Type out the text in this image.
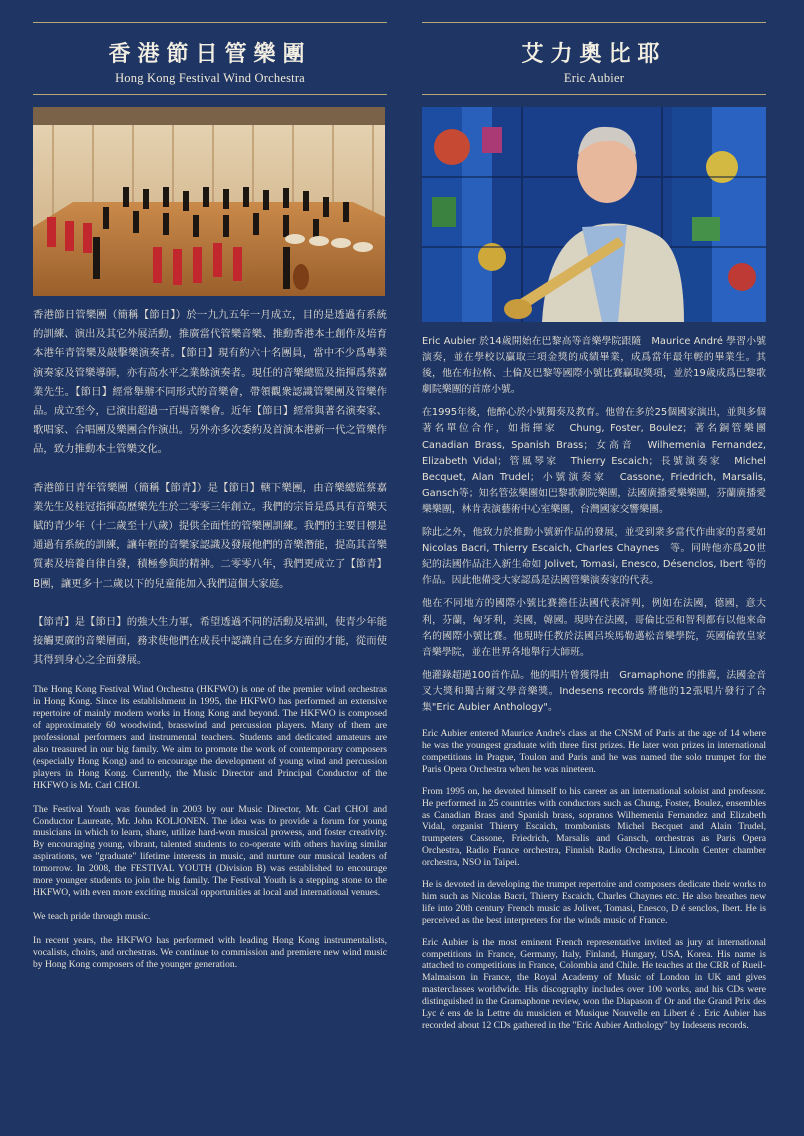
香港節日管樂團
Hong Kong Festival Wind Orchestra

香港節日管樂團（簡稱【節日】）於一九九五年一月成立，目的是透過有系統的訓練、演出及其它外展活動，推廣當代管樂音樂、推動香港本土創作及培育本港年青管樂及敲擊樂演奏者。【節日】現有約六十名團員，當中不少爲專業演奏家及管樂導師，亦有高水平之業餘演奏者。現任的音樂總監及指揮爲蔡嘉業先生。【節日】經常舉辦不同形式的音樂會，帶領觀衆認識管樂團及管樂作品。成立至今，已演出超過一百場音樂會。近年【節日】經常與著名演奏家、歌唱家、合唱團及樂團合作演出。另外亦多次委約及首演本港新一代之管樂作品，致力推動本土管樂文化。

香港節日青年管樂團（簡稱【節青】）是【節日】轄下樂團，由音樂總監蔡嘉業先生及桂冠指揮高歷樂先生於二零零三年創立。我們的宗旨是爲具有音樂天賦的青少年（十二歲至十八歲）提供全面性的管樂團訓練。我們的主要目標是通過有系統的訓練，讓年輕的音樂家認識及發展他們的音樂潛能，提高其音樂質素及培養自律自發，積極參與的精神。二零零八年，我們更成立了【節青】B團，讓更多十二歲以下的兒童能加入我們這個大家庭。

【節青】是【節日】的強大生力軍，希望透過不同的活動及培訓，使青少年能接觸更廣的音樂層面，務求使他們在成長中認識自己在多方面的才能，從而使其得到身心之全面發展。

The Hong Kong Festival Wind Orchestra (HKFWO) is one of the premier wind orchestras in Hong Kong. Since its establishment in 1995, the HKFWO has performed an extensive repertoire of mainly modern works in Hong Kong and beyond. The HKFWO is composed of approximately 60 woodwind, brasswind and percussion players. Many of them are professional performers and instrumental teachers. Students and dedicated amateurs are also treasured in our big family. We aim to promote the work of contemporary composers (especially Hong Kong) and to encourage the development of young wind and percussion players in Hong Kong. Currently, the Music Director and Principal Conductor of the HKFWO is Mr. Carl CHOI.

The Festival Youth was founded in 2003 by our Music Director, Mr. Carl CHOI and Conductor Laureate, Mr. John KOLJONEN. The idea was to provide a forum for young musicians in which to learn, share, utilize hard-won musical prowess, and foster creativity. By encouraging young, vibrant, talented students to co-operate with others having similar aspirations, we "graduate" lifetime interests in music, and nurture our musical leaders of tomorrow. In 2008, the FESTIVAL YOUTH (Division B) was established to encourage more younger students to join the big family. The Festival Youth is a stepping stone to the HKFWO, with even more exciting musical opportunities at local and international venues.

We teach pride through music.

In recent years, the HKFWO has performed with leading Hong Kong instrumentalists, vocalists, choirs, and orchestras. We continue to commission and premiere new wind music by Hong Kong composers of the younger generation.

艾力奧比耶
Eric Aubier

Eric Aubier 於14歲開始在巴黎高等音樂學院跟隨　Maurice André 學習小號演奏，並在學校以贏取三項金獎的成績畢業，成爲當年最年輕的畢業生。其後，他在布拉格、土倫及巴黎等國際小號比賽贏取獎項，並於19歲成爲巴黎歌劇院樂團的首席小號。

在1995年後，他醉心於小號獨奏及教育。他曾在多於25個國家演出，並與多個著名單位合作，如指揮家　Chung, Foster, Boulez；著名銅管樂團 Canadian Brass, Spanish Brass；女高音　Wilhemenia Fernandez, Elizabeth Vidal；管風琴家　Thierry Escaich；長號演奏家　Michel Becquet, Alan Trudel；小號演奏家　Cassone, Friedrich, Marsalis, Gansch等；知名管弦樂團如巴黎歌劇院樂團，法國廣播愛樂樂團，芬蘭廣播愛樂樂團，林肯表演藝術中心室樂團，台灣國家交響樂團。

除此之外，他致力於推動小號新作品的發展，並受到衆多當代作曲家的喜愛如　Nicolas Bacri, Thierry Escaich, Charles Chaynes　等。同時他亦爲20世紀的法國作品注入新生命如 Jolivet, Tomasi, Enesco, Désenclos, Ibert 等的作品。因此他備受大家認爲是法國管樂演奏家的代表。

他在不同地方的國際小號比賽擔任法國代表評判，例如在法國，德國，意大利，芬蘭，匈牙利，美國，韓國。現時在法國，哥倫比亞和智利都有以他來命名的國際小號比賽。他現時任教於法國呂埃馬勒邁松音樂學院，英國倫敦皇家音樂學院，並在世界各地舉行大師班。

他灌錄超過100首作品。他的唱片曾獲得由　Gramaphone 的推薦，法國金音叉大獎和獨古爾文學音樂獎。Indesens records 將他的12張唱片發行了合集"Eric Aubier Anthology"。

Eric Aubier entered Maurice Andre's class at the CNSM of Paris at the age of 14 where he was the youngest graduate with three first prizes. He later won prizes in international competitions in Prague, Toulon and Paris and he was named the solo trumpet for the Paris Opera Orchestra when he was nineteen.

From 1995 on, he devoted himself to his career as an international soloist and professor. He performed in 25 countries with conductors such as Chung, Foster, Boulez, ensembles as Canadian Brass and Spanish brass, sopranos Wilhemenia Fernandez and Elizabeth Vidal, organist Thierry Escaich, trombonists Michel Becquet and Alain Trudel, trumpeters Cassone, Friedrich, Marsalis and Gansch, orchestras as Paris Opera Orchestra, Radio France orchestra, Finnish Radio Orchestra, Lincoln Center chamber orchestra, NSO in Taipei.

He is devoted in developing the trumpet repertoire and composers dedicate their works to him such as Nicolas Bacri, Thierry Escaich, Charles Chaynes etc. He also breathes new life into 20th century French music as Jolivet, Tomasi, Enesco, D é senclos, Ibert. He is perceived as the best interpreters for the winds music of France.

Eric Aubier is the most eminent French representative invited as jury at international competitions in France, Germany, Italy, Finland, Hungary, USA, Korea. His name is attached to competitions in France, Colombia and Chile. He teaches at the CRR of Rueil-Malmaison in France, the Royal Academy of Music of London in UK and gives masterclasses worldwide. His discography includes over 100 works, and his CDs were distinguished in the Gramaphone review, won the Diapason d' Or and the Grand Prix des Lyc é ens de la Lettre du musicien et Musique Nouvelle en Libert é . Eric Aubier has recorded about 12 CDs gathered in the "Eric Aubier Anthology" by Indesens records.
